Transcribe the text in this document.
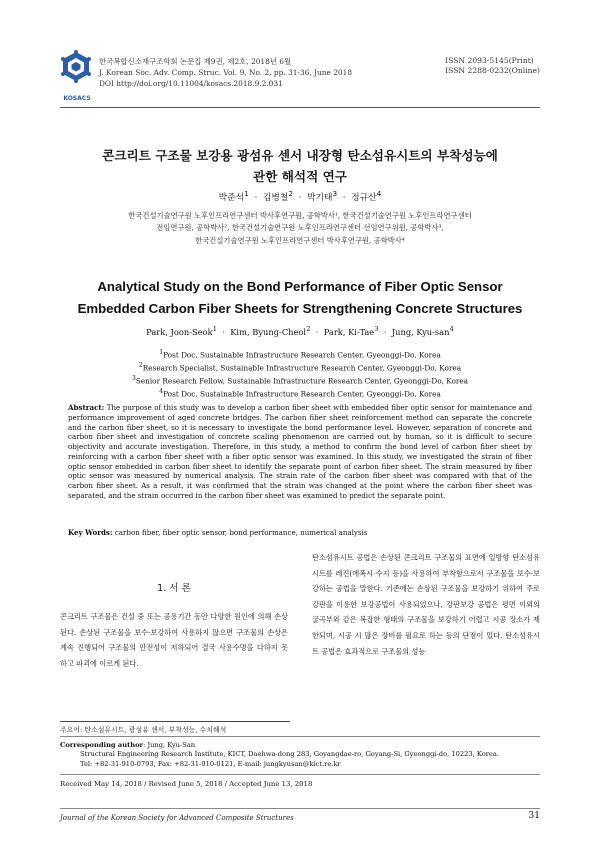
KOSACS
한국복합신소재구조학회 논문집 제9권, 제2호, 2018년 6월
J. Korean Soc. Adv. Comp. Struc. Vol. 9, No. 2, pp. 31-36, June 2018
DOI http://doi.org/10.11004/kosacs.2018.9.2.031
ISSN 2093-5145(Print)
ISSN 2288-0232(Online)
콘크리트 구조물 보강용 광섬유 센서 내장형 탄소섬유시트의 부착성능에
관한 해석적 연구
박준석$^1$ · 김병철$^2$ · 박기태$^3$ · 정규산$^4$
한국건설기술연구원 노후인프라연구센터 박사후연구원, 공학박사¹, 한국건설기술연구원 노후인프라연구센터
전임연구원, 공학박사², 한국건설기술연구원 노후인프라연구센터 선임연구위원, 공학박사³,
한국건설기술연구원 노후인프라연구센터 박사후연구원, 공학박사⁴
Analytical Study on the Bond Performance of Fiber Optic Sensor
Embedded Carbon Fiber Sheets for Strengthening Concrete Structures
Park, Joon-Seok$^1$ · Kim, Byung-Cheol$^2$ · Park, Ki-Tae$^3$ · Jung, Kyu-san$^4$
$^1$Post Doc, Sustainable Infrastructure Research Center, Gyeonggi-Do, Korea
$^2$Research Specialist, Sustainable Infrastructure Research Center, Gyeonggi-Do, Korea
$^3$Senior Research Fellow, Sustainable Infrastructure Research Center, Gyeonggi-Do, Korea
$^4$Post Doc, Sustainable Infrastructure Research Center, Gyeonggi-Do, Korea
Abstract: The purpose of this study was to develop a carbon fiber sheet with embedded fiber optic sensor for maintenance and performance improvement of aged concrete bridges. The carbon fiber sheet reinforcement method can separate the concrete and the carbon fiber sheet, so it is necessary to investigate the bond performance level. However, separation of concrete and carbon fiber sheet and investigation of concrete scaling phenomenon are carried out by human, so it is difficult to secure objectivity and accurate investigation. Therefore, in this study, a method to confirm the bond level of carbon fiber sheet by reinforcing with a carbon fiber sheet with a fiber optic sensor was examined. In this study, we investigated the strain of fiber optic sensor embedded in carbon fiber sheet to identify the separate point of carbon fiber sheet. The strain measured by fiber optic sensor was measured by numerical analysis. The strain rate of the carbon fiber sheet was compared with that of the carbon fiber sheet. As a result, it was confirmed that the strain was changed at the point where the carbon fiber sheet was separated, and the strain occurred in the carbon fiber sheet was examined to predict the separate point.
Key Words: carbon fiber, fiber optic sensor, bond performance, numerical analysis
1. 서 론

콘크리트 구조물은 건설 중 또는 공용기간 동안 다양한 원인에 의해 손상된다. 손상된 구조물을 보수·보강하여 사용하지 않으면 구조물의 손상은 계속 진행되어 구조물의 안전성이 저하되어 결국 사용수명을 다하지 못 하고 파괴에 이르게 된다.

탄소섬유시트 공법은 손상된 콘크리트 구조물의 표면에 일방향 탄소섬유 시트를 레진(에폭시 수지 등)을 사용하여 부착함으로서 구조물을 보수·보강하는 공법을 말한다. 기존에는 손상된 구조물을 보강하기 위하여 주로 강판을 이용한 보강공법이 사용되었으나, 강판보강 공법은 평면 이외의 굴곡부와 같은 복잡한 형태의 구조물을 보강하기 어렵고 시공 장소가 제한되며, 시공 시 많은 장비를 필요로 하는 등의 단점이 있다. 탄소섬유시트 공법은 효과적으로 구조물의 성능

주요어: 탄소섬유시트, 광섬유 센서, 부착성능, 수치해석
Corresponding author: Jung, Kyu-San
Structural Engineering Research Institute, KICT, Daehwa-dong 283, Goyangdae-ro, Goyang-Si, Gyeonggi-do, 10223, Korea.
Tel: +82-31-910-0793, Fax: +82-31-910-0121, E-mail: jungkyusan@kict.re.kr
Received May 14, 2018 / Revised June 5, 2018 / Accepted June 13, 2018
Journal of the Korean Society for Advanced Composite Structures	31
